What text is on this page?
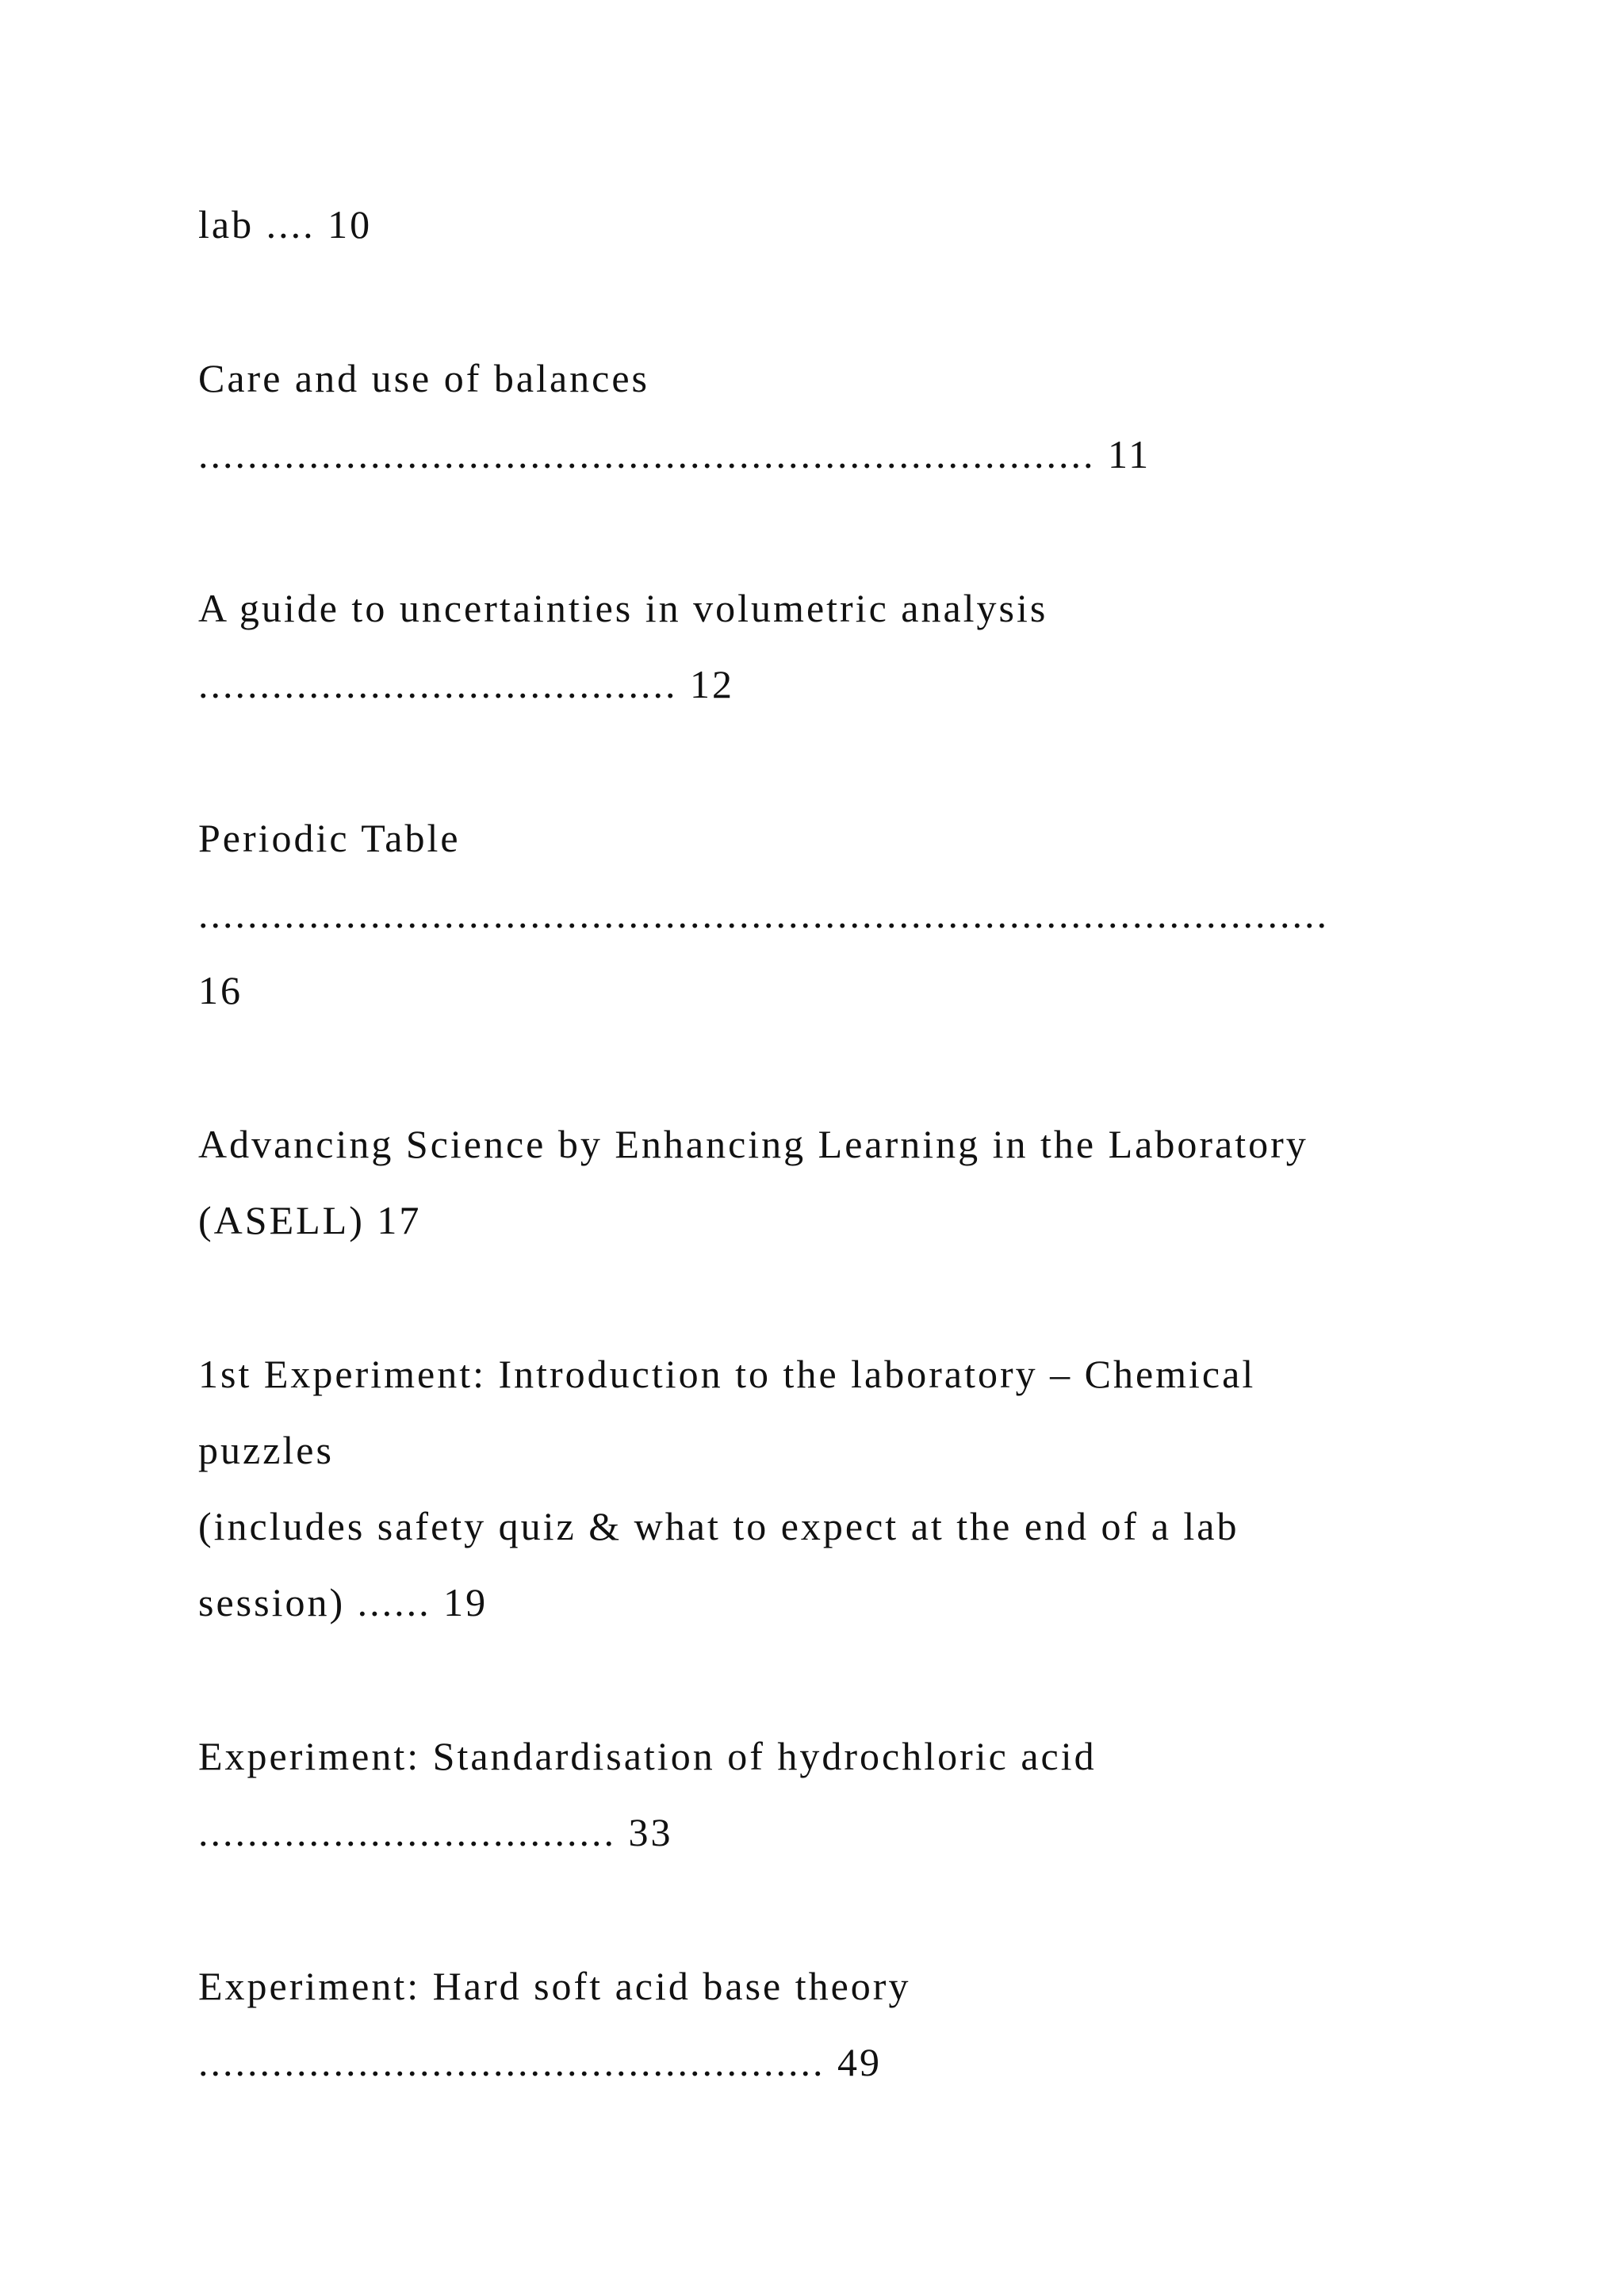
lab .... 10
Care and use of balances
......................................................................... 11
A guide to uncertainties in volumetric analysis
....................................... 12
Periodic Table
............................................................................................
16
Advancing Science by Enhancing Learning in the Laboratory
(ASELL) 17
1st Experiment: Introduction to the laboratory – Chemical
puzzles
(includes safety quiz & what to expect at the end of a lab
session) ...... 19
Experiment: Standardisation of hydrochloric acid
.................................. 33
Experiment: Hard soft acid base theory
................................................... 49
